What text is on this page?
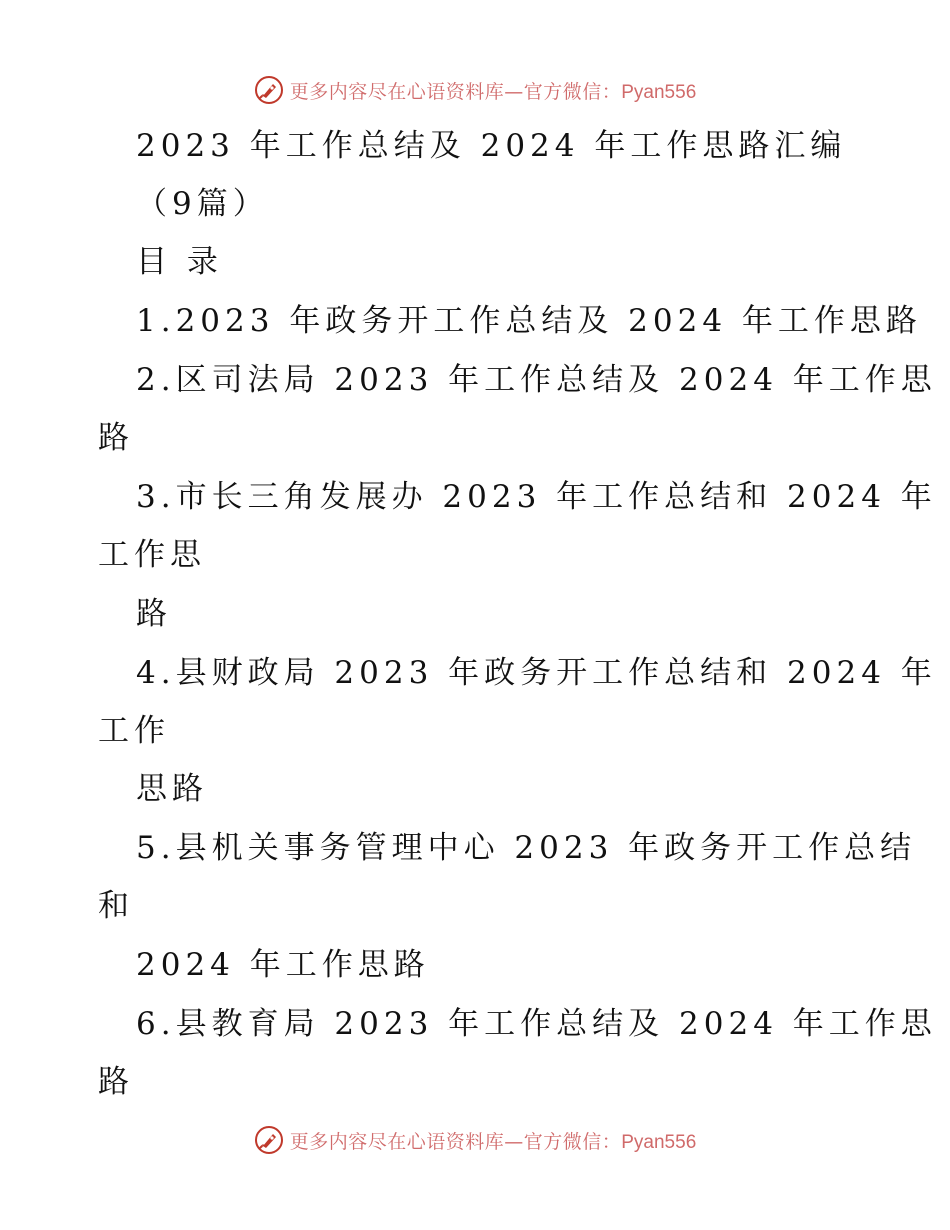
更多内容尽在心语资料库—官方微信：Pyan556
2023 年工作总结及 2024 年工作思路汇编
（9篇）
目 录
1.2023 年政务开工作总结及 2024 年工作思路
2.区司法局 2023 年工作总结及 2024 年工作思
路
3.市长三角发展办 2023 年工作总结和 2024 年
工作思
路
4.县财政局 2023 年政务开工作总结和 2024 年
工作
思路
5.县机关事务管理中心 2023 年政务开工作总结
和
2024 年工作思路
6.县教育局 2023 年工作总结及 2024 年工作思
路
更多内容尽在心语资料库—官方微信：Pyan556
